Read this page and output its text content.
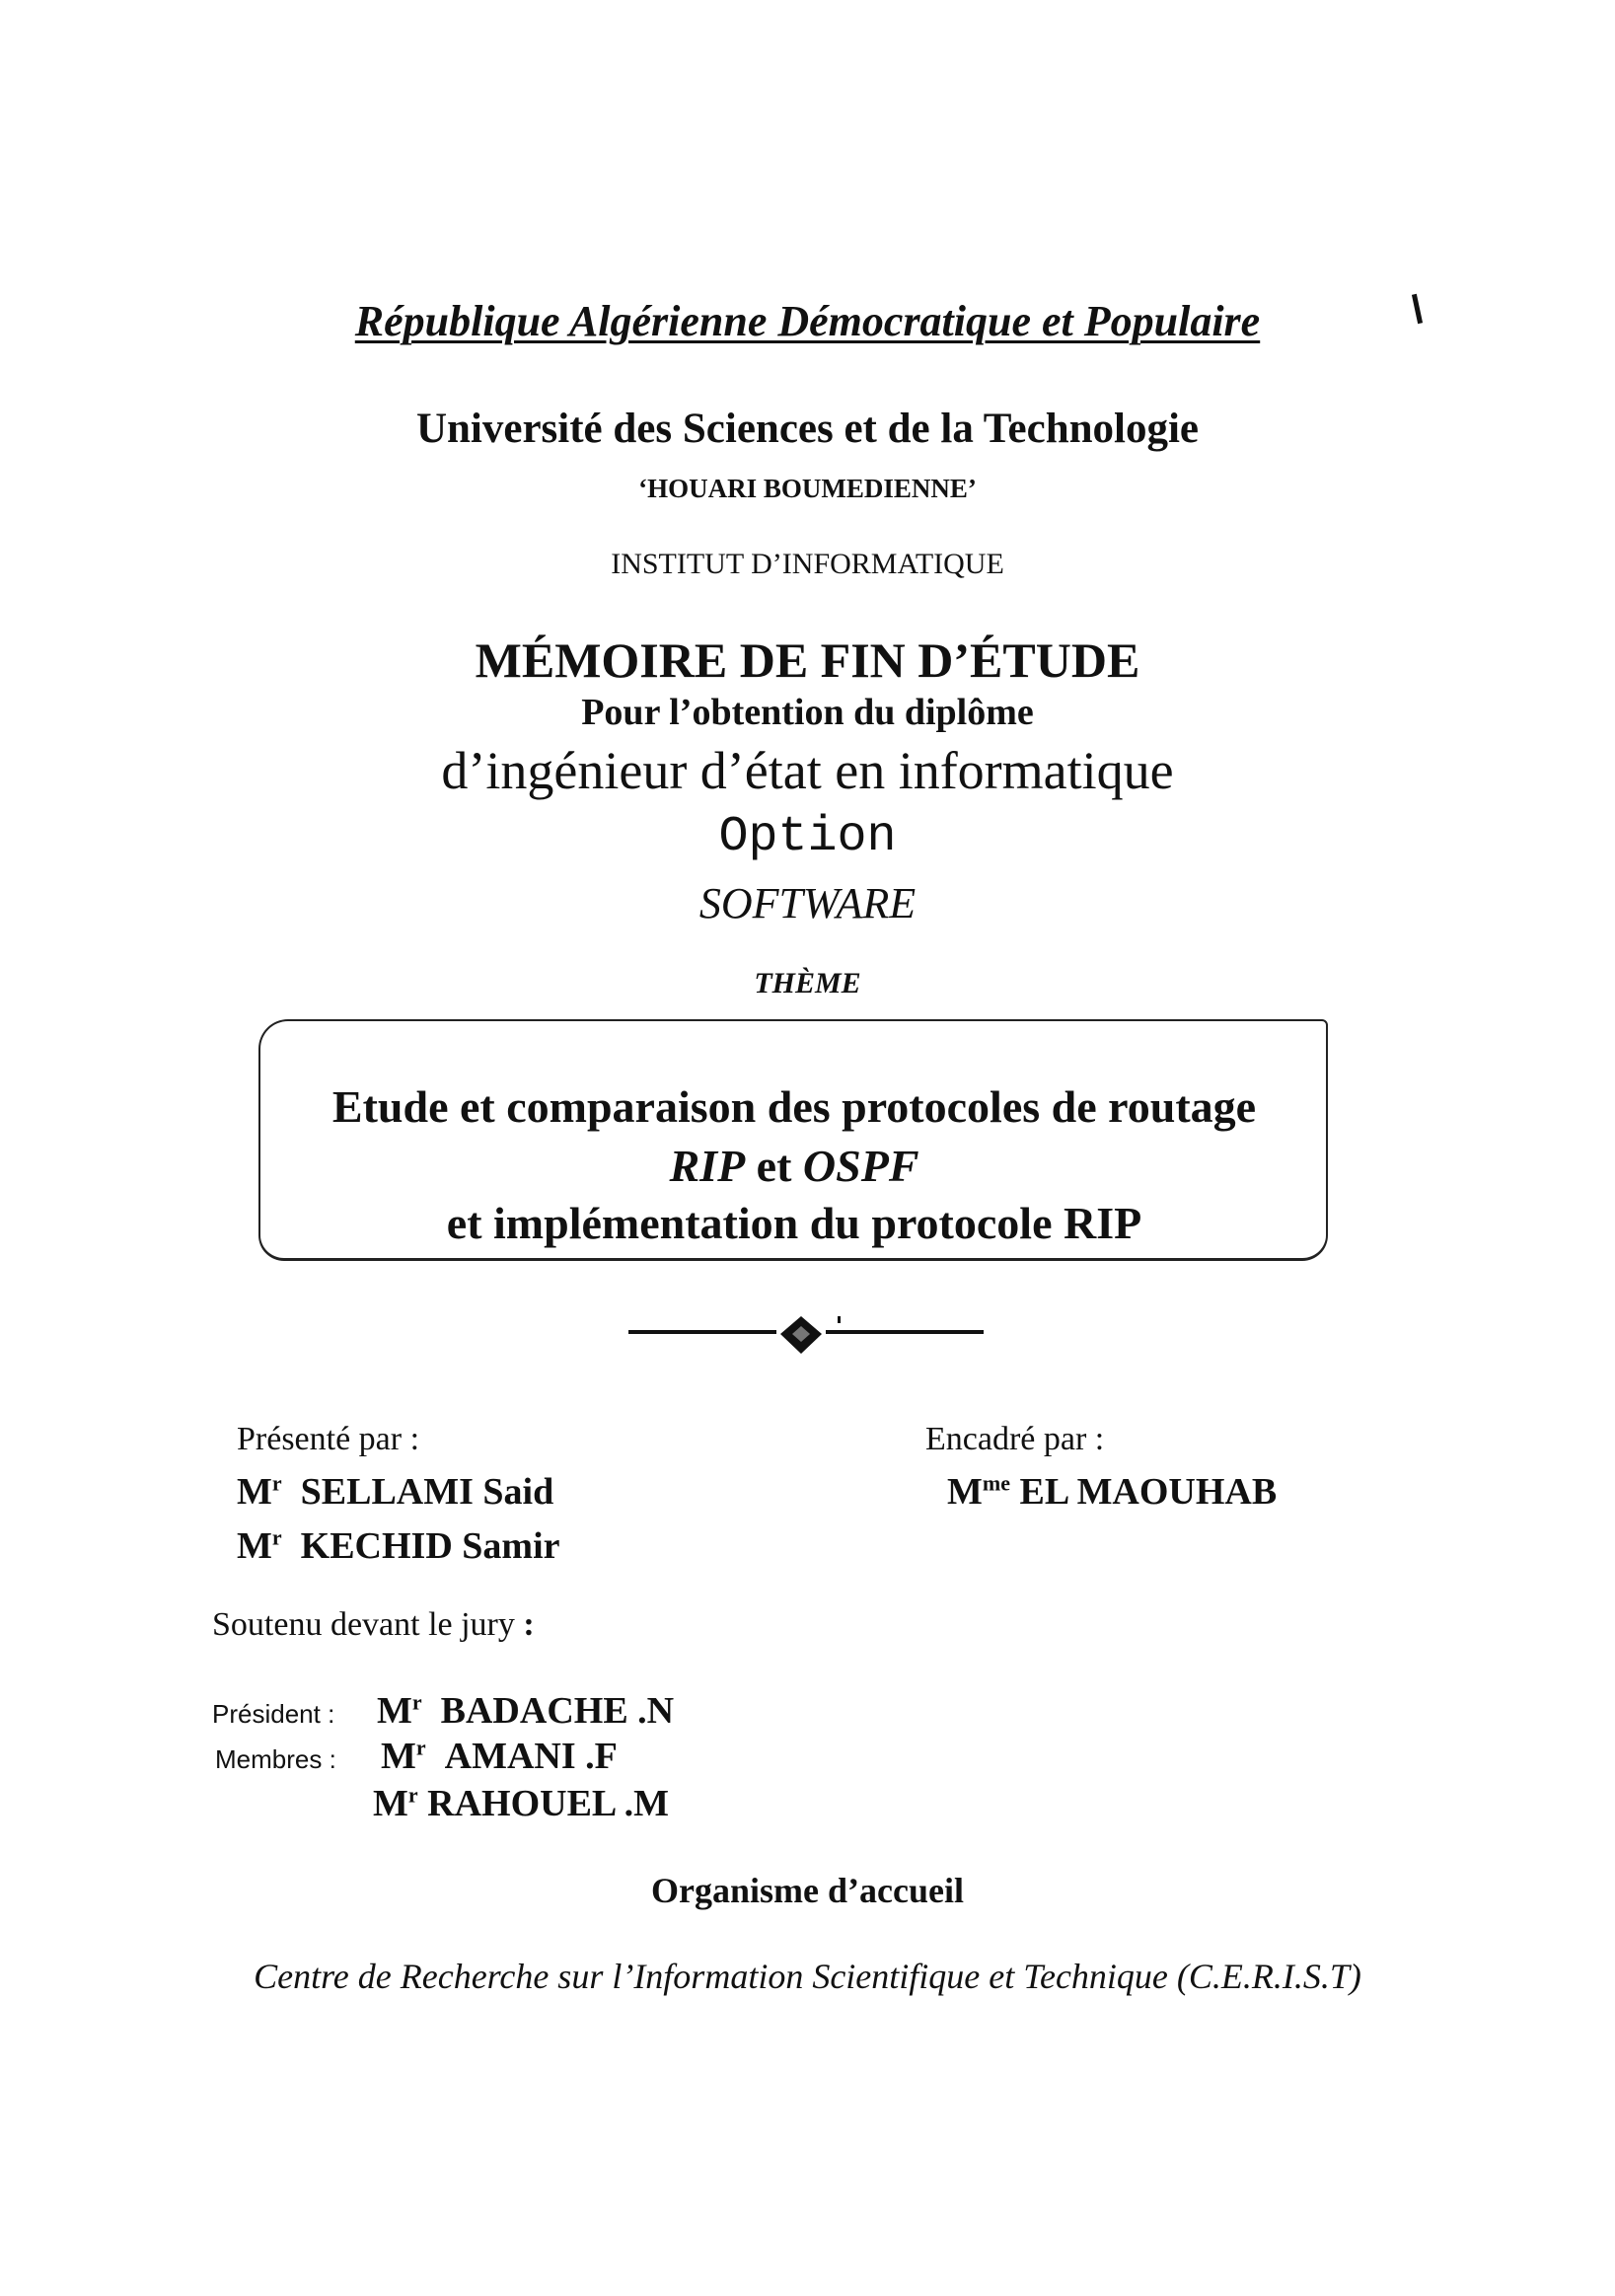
République Algérienne Démocratique et Populaire
Université des Sciences et de la Technologie
‘HOUARI BOUMEDIENNE’
INSTITUT D’INFORMATIQUE
MÉMOIRE DE FIN D’ÉTUDE
Pour l’obtention du diplôme
d’ingénieur d’état en informatique
Option
SOFTWARE
THÈME
Etude et comparaison des protocoles de routage
RIP et OSPF
et implémentation du protocole RIP
Présenté par :
$M^r$ SELLAMI Said
$M^r$ KECHID Samir
Encadré par :
$M^{me}$ EL MAOUHAB
Soutenu devant le jury :
Président : $M^r$ BADACHE .N
Membres : $M^r$ AMANI .F
$M^r$ RAHOUEL .M
Organisme d’accueil
Centre de Recherche sur l’Information Scientifique et Technique (C.E.R.I.S.T)
